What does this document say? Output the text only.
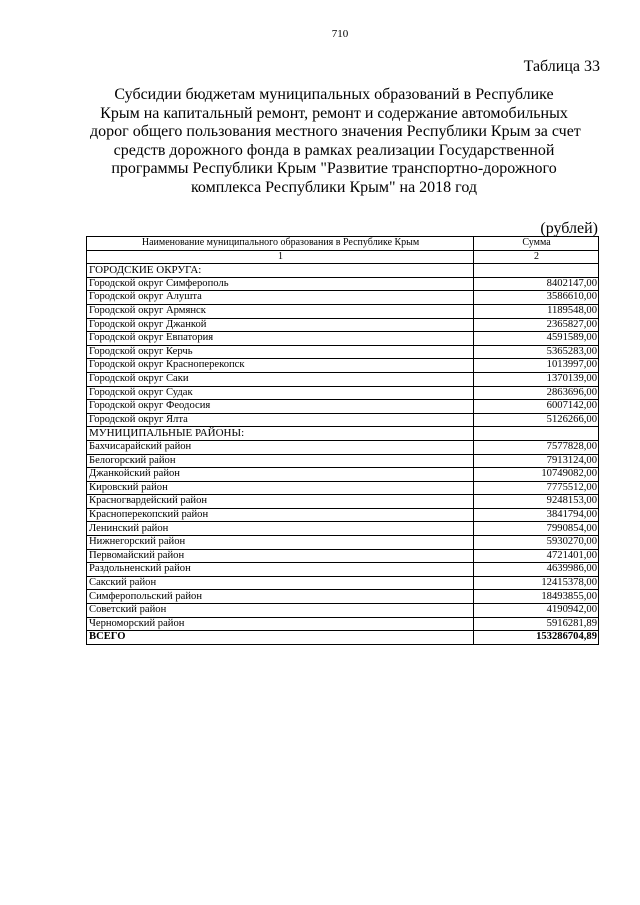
710
Таблица 33
Субсидии бюджетам муниципальных образований в Республике
Крым на капитальный ремонт, ремонт и содержание автомобильных
дорог общего пользования местного значения Республики Крым за счет
средств дорожного фонда в рамках реализации Государственной
программы Республики Крым "Развитие транспортно-дорожного
комплекса Республики Крым" на 2018 год
(рублей)
Наименование муниципального образования в Республике Крым	Сумма
1	2
ГОРОДСКИЕ ОКРУГА:	
Городской округ Симферополь	8402147,00
Городской округ Алушта	3586610,00
Городской округ Армянск	1189548,00
Городской округ Джанкой	2365827,00
Городской округ Евпатория	4591589,00
Городской округ Керчь	5365283,00
Городской округ Красноперекопск	1013997,00
Городской округ Саки	1370139,00
Городской округ Судак	2863696,00
Городской округ Феодосия	6007142,00
Городской округ Ялта	5126266,00
МУНИЦИПАЛЬНЫЕ РАЙОНЫ:	
Бахчисарайский район	7577828,00
Белогорский район	7913124,00
Джанкойский район	10749082,00
Кировский район	7775512,00
Красногвардейский район	9248153,00
Красноперекопский район	3841794,00
Ленинский район	7990854,00
Нижнегорский район	5930270,00
Первомайский район	4721401,00
Раздольненский район	4639986,00
Сакский район	12415378,00
Симферопольский район	18493855,00
Советский район	4190942,00
Черноморский район	5916281,89
ВСЕГО	153286704,89
